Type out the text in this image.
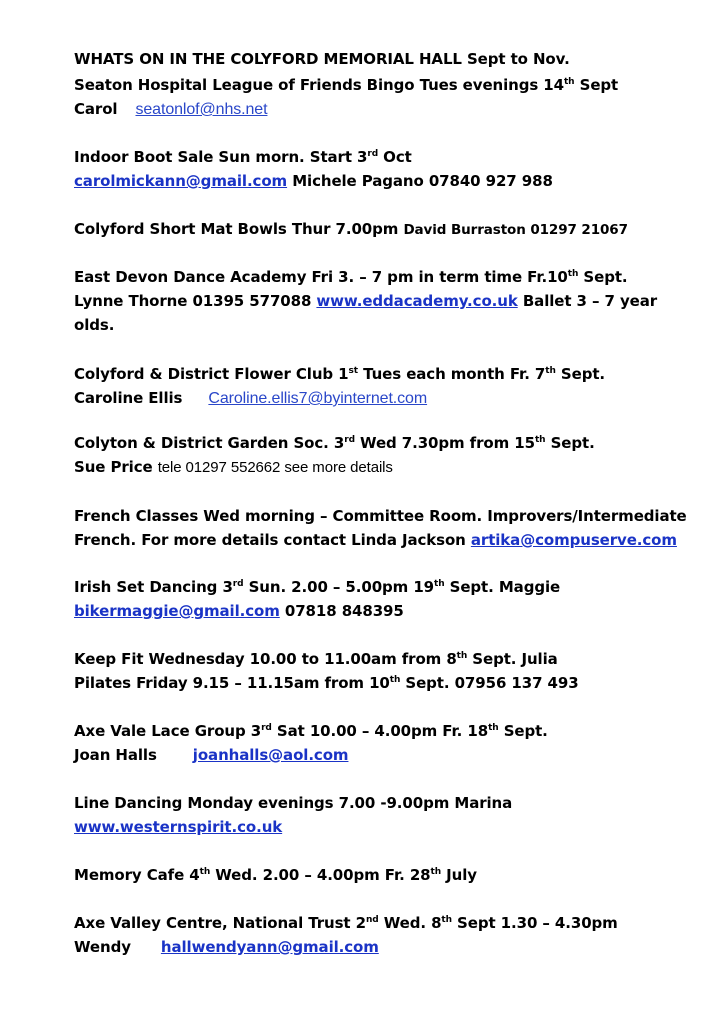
WHATS ON IN THE COLYFORD MEMORIAL HALL Sept to Nov.
Seaton Hospital League of Friends Bingo Tues evenings 14th Sept
Carol seatonlof@nhs.net
Indoor Boot Sale Sun morn. Start 3rd Oct
carolmickann@gmail.com Michele Pagano 07840 927 988
Colyford Short Mat Bowls Thur 7.00pm David Burraston 01297 21067
East Devon Dance Academy Fri 3. – 7 pm in term time Fr.10th Sept.
Lynne Thorne 01395 577088 www.eddacademy.co.uk Ballet 3 – 7 year
olds.
Colyford & District Flower Club 1st Tues each month Fr. 7th Sept.
Caroline Ellis Caroline.ellis7@byinternet.com
Colyton & District Garden Soc. 3rd Wed 7.30pm from 15th Sept.
Sue Price tele 01297 552662 see more details
French Classes Wed morning – Committee Room. Improvers/Intermediate
French. For more details contact Linda Jackson artika@compuserve.com
Irish Set Dancing 3rd Sun. 2.00 – 5.00pm 19th Sept. Maggie
bikermaggie@gmail.com 07818 848395
Keep Fit Wednesday 10.00 to 11.00am from 8th Sept. Julia
Pilates Friday 9.15 – 11.15am from 10th Sept. 07956 137 493
Axe Vale Lace Group 3rd Sat 10.00 – 4.00pm Fr. 18th Sept.
Joan Halls joanhalls@aol.com
Line Dancing Monday evenings 7.00 -9.00pm Marina
www.westernspirit.co.uk
Memory Cafe 4th Wed. 2.00 – 4.00pm Fr. 28th July
Axe Valley Centre, National Trust 2nd Wed. 8th Sept 1.30 – 4.30pm
Wendy hallwendyann@gmail.com
